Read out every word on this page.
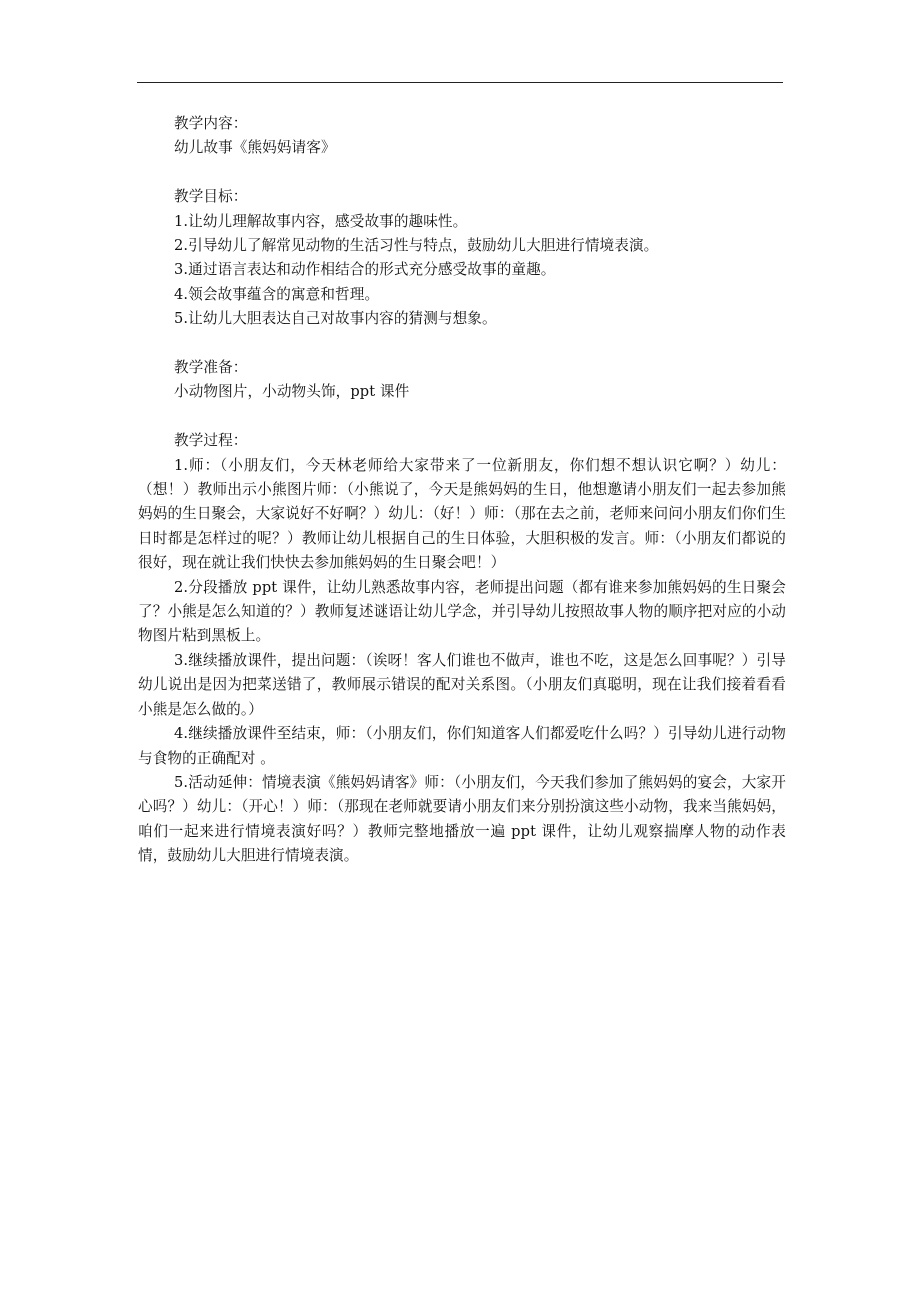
教学内容：
幼儿故事《熊妈妈请客》
教学目标：
1.让幼儿理解故事内容，感受故事的趣味性。
2.引导幼儿了解常见动物的生活习性与特点，鼓励幼儿大胆进行情境表演。
3.通过语言表达和动作相结合的形式充分感受故事的童趣。
4.领会故事蕴含的寓意和哲理。
5.让幼儿大胆表达自己对故事内容的猜测与想象。
教学准备：
小动物图片，小动物头饰，ppt 课件
教学过程：
1.师：（小朋友们，今天林老师给大家带来了一位新朋友，你们想不想认识它啊？）幼儿：（想！）教师出示小熊图片师：（小熊说了，今天是熊妈妈的生日，他想邀请小朋友们一起去参加熊妈妈的生日聚会，大家说好不好啊？）幼儿：（好！）师：（那在去之前，老师来问问小朋友们你们生日时都是怎样过的呢？）教师让幼儿根据自己的生日体验，大胆积极的发言。师：（小朋友们都说的很好，现在就让我们快快去参加熊妈妈的生日聚会吧！）
2.分段播放 ppt 课件，让幼儿熟悉故事内容，老师提出问题（都有谁来参加熊妈妈的生日聚会了？小熊是怎么知道的？）教师复述谜语让幼儿学念，并引导幼儿按照故事人物的顺序把对应的小动物图片粘到黑板上。
3.继续播放课件，提出问题：（诶呀！客人们谁也不做声，谁也不吃，这是怎么回事呢？）引导幼儿说出是因为把菜送错了，教师展示错误的配对关系图。（小朋友们真聪明，现在让我们接着看看小熊是怎么做的。）
4.继续播放课件至结束，师：（小朋友们，你们知道客人们都爱吃什么吗？）引导幼儿进行动物与食物的正确配对 。
5.活动延伸：情境表演《熊妈妈请客》师：（小朋友们，今天我们参加了熊妈妈的宴会，大家开心吗？）幼儿：（开心！）师：（那现在老师就要请小朋友们来分别扮演这些小动物，我来当熊妈妈，咱们一起来进行情境表演好吗？）教师完整地播放一遍 ppt 课件，让幼儿观察揣摩人物的动作表情，鼓励幼儿大胆进行情境表演。
